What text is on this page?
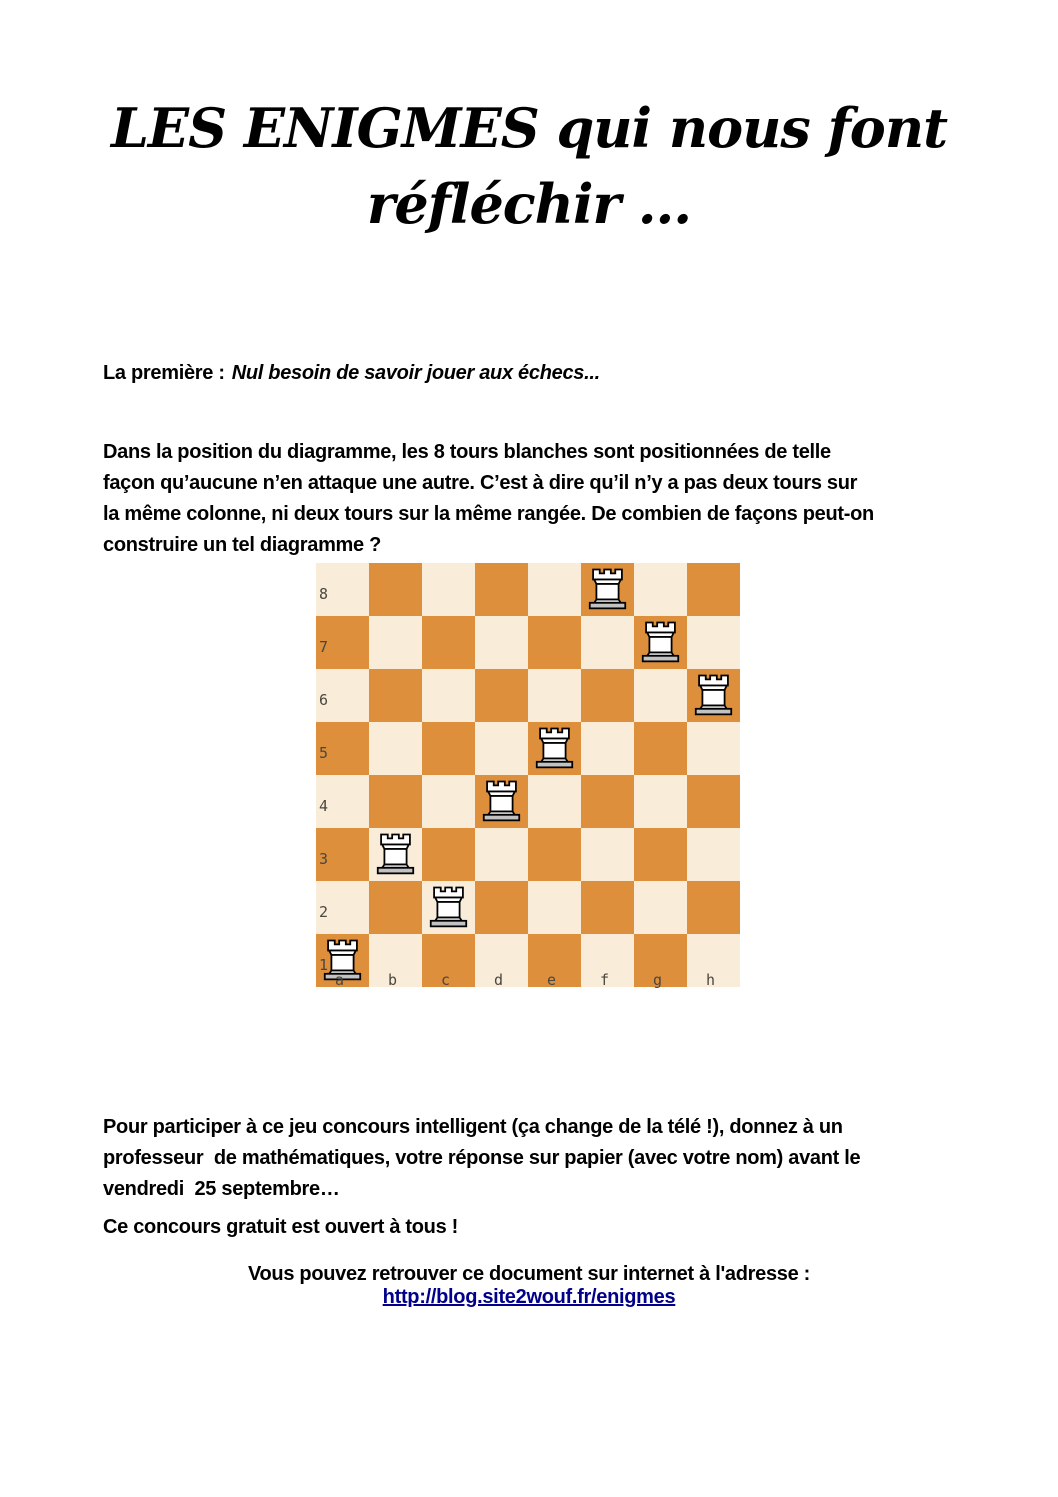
LES ENIGMES qui nous font
réfléchir ...

La première : Nul besoin de savoir jouer aux échecs...

Dans la position du diagramme, les 8 tours blanches sont positionnées de telle
façon qu’aucune n’en attaque une autre. C’est à dire qu’il n’y a pas deux tours sur
la même colonne, ni deux tours sur la même rangée. De combien de façons peut-on
construire un tel diagramme ?
8
7
6
5
4
3
2
1
a	b	c	d	e	f	g	h
Pour participer à ce jeu concours intelligent (ça change de la télé !), donnez à un
professeur  de mathématiques, votre réponse sur papier (avec votre nom) avant le
vendredi  25 septembre…

Ce concours gratuit est ouvert à tous !

Vous pouvez retrouver ce document sur internet à l'adresse :

http://blog.site2wouf.fr/enigmes
